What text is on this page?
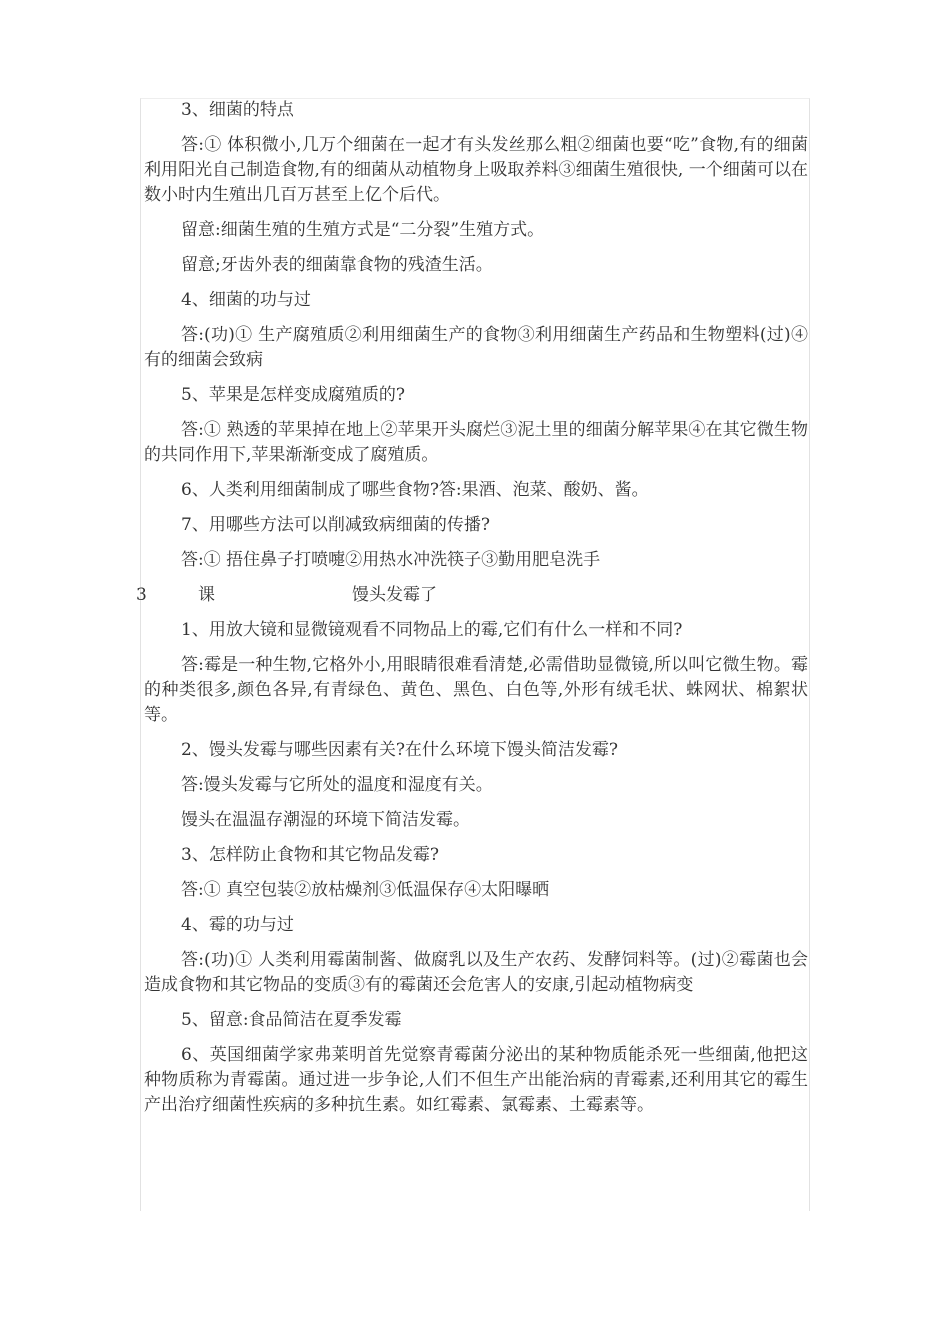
3、细菌的特点

答:① 体积微小,几万个细菌在一起才有头发丝那么粗②细菌也要“吃”食物,有的细菌利用阳光自己制造食物,有的细菌从动植物身上吸取养料③细菌生殖很快, 一个细菌可以在数小时内生殖出几百万甚至上亿个后代。

留意:细菌生殖的生殖方式是“二分裂”生殖方式。

留意;牙齿外表的细菌靠食物的残渣生活。

4、细菌的功与过

答:(功)① 生产腐殖质②利用细菌生产的食物③利用细菌生产药品和生物塑料(过)④ 有的细菌会致病

5、苹果是怎样变成腐殖质的?

答:① 熟透的苹果掉在地上②苹果开头腐烂③泥土里的细菌分解苹果④在其它微生物的共同作用下,苹果渐渐变成了腐殖质。

6、人类利用细菌制成了哪些食物?答:果酒、泡菜、酸奶、酱。

7、用哪些方法可以削减致病细菌的传播?

答:① 捂住鼻子打喷嚏②用热水冲洗筷子③勤用肥皂洗手

3	课	馒头发霉了

1、用放大镜和显微镜观看不同物品上的霉,它们有什么一样和不同?

答:霉是一种生物,它格外小,用眼睛很难看清楚,必需借助显微镜,所以叫它微生物。霉的种类很多,颜色各异,有青绿色、黄色、黑色、白色等,外形有绒毛状、蛛网状、棉絮状等。

2、馒头发霉与哪些因素有关?在什么环境下馒头简洁发霉?

答:馒头发霉与它所处的温度和湿度有关。

馒头在温温存潮湿的环境下简洁发霉。

3、怎样防止食物和其它物品发霉?

答:① 真空包装②放枯燥剂③低温保存④太阳曝晒

4、霉的功与过

答:(功)① 人类利用霉菌制酱、做腐乳以及生产农药、发酵饲料等。(过)②霉菌也会造成食物和其它物品的变质③有的霉菌还会危害人的安康,引起动植物病变

5、留意:食品简洁在夏季发霉

6、英国细菌学家弗莱明首先觉察青霉菌分泌出的某种物质能杀死一些细菌,他把这种物质称为青霉菌。通过进一步争论,人们不但生产出能治病的青霉素,还利用其它的霉生产出治疗细菌性疾病的多种抗生素。如红霉素、氯霉素、土霉素等。
